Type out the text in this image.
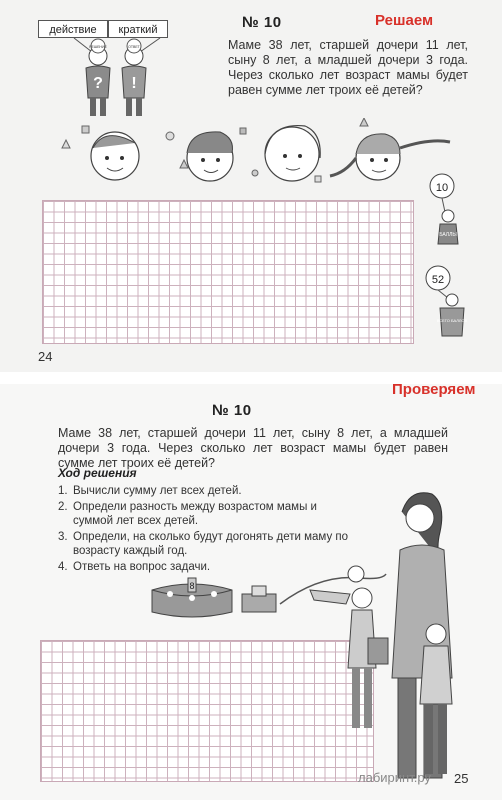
действие	краткий
РЕШЕНИЕ	ОТВЕТ
? !
№ 10	Решаем
Маме 38 лет, старшей дочери 11 лет, сыну 8 лет, а младшей дочери 3 года. Через сколько лет возраст мамы будет равен сумме лет троих её детей?
10
БАЛЛЫ
52
ВСЕГО БАЛЛОВ
24
Проверяем
№ 10
Маме 38 лет, старшей дочери 11 лет, сыну 8 лет, а младшей дочери 3 года. Через сколько лет возраст мамы будет равен сумме лет троих её детей?
Ход решения
1. Вычисли сумму лет всех детей.
2. Определи разность между возрастом мамы и суммой лет всех детей.
3. Определи, на сколько будут догонять дети маму по возрасту каждый год.
4. Ответь на вопрос задачи.
8
лабиринт.ру 25
